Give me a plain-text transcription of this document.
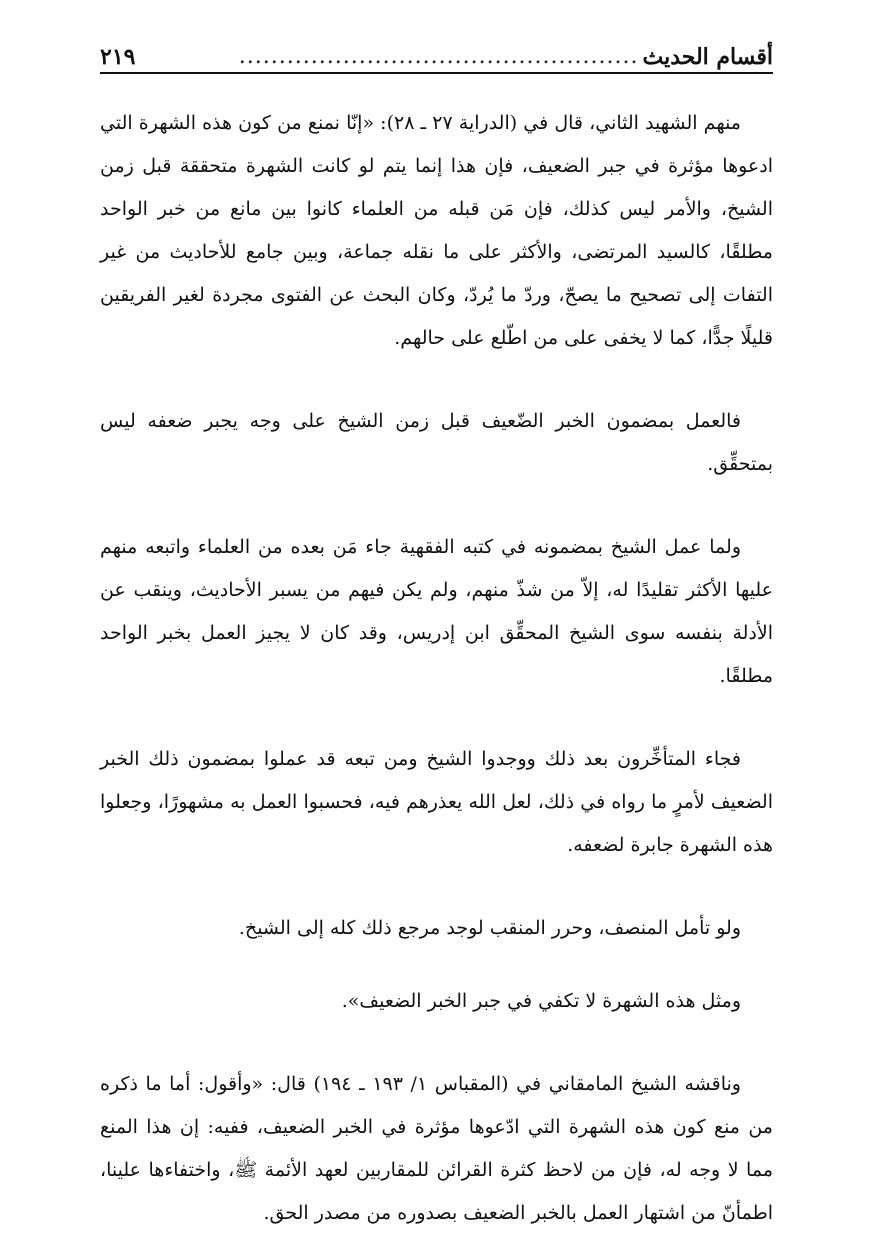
أقسام الحديث
..................................................
٢١٩

منهم الشهيد الثاني، قال في (الدراية ٢٧ ـ ٢٨): «إنّا نمنع من كون هذه الشهرة التي ادعوها مؤثرة في جبر الضعيف، فإن هذا إنما يتم لو كانت الشهرة متحققة قبل زمن الشيخ، والأمر ليس كذلك، فإن مَن قبله من العلماء كانوا بين مانع من خبر الواحد مطلقًا، كالسيد المرتضى، والأكثر على ما نقله جماعة، وبين جامع للأحاديث من غير التفات إلى تصحيح ما يصحّ، وردّ ما يُردّ، وكان البحث عن الفتوى مجردة لغير الفريقين قليلًا جدًّا، كما لا يخفى على من اطّلع على حالهم.

فالعمل بمضمون الخبر الضّعيف قبل زمن الشيخ على وجه يجبر ضعفه ليس بمتحقِّق.

ولما عمل الشيخ بمضمونه في كتبه الفقهية جاء مَن بعده من العلماء واتبعه منهم عليها الأكثر تقليدًا له، إلاّ من شذّ منهم، ولم يكن فيهم من يسبر الأحاديث، وينقب عن الأدلة بنفسه سوى الشيخ المحقِّق ابن إدريس، وقد كان لا يجيز العمل بخبر الواحد مطلقًا.

فجاء المتأخِّرون بعد ذلك ووجدوا الشيخ ومن تبعه قد عملوا بمضمون ذلك الخبر الضعيف لأمرٍ ما رواه في ذلك، لعل الله يعذرهم فيه، فحسبوا العمل به مشهورًا، وجعلوا هذه الشهرة جابرة لضعفه.

ولو تأمل المنصف، وحرر المنقب لوجد مرجع ذلك كله إلى الشيخ.

ومثل هذه الشهرة لا تكفي في جبر الخبر الضعيف».

وناقشه الشيخ المامقاني في (المقباس ١/ ١٩٣ ـ ١٩٤) قال: «وأقول: أما ما ذكره من منع كون هذه الشهرة التي ادّعوها مؤثرة في الخبر الضعيف، ففيه: إن هذا المنع مما لا وجه له، فإن من لاحظ كثرة القرائن للمقاربين لعهد الأئمة ﷺ، واختفاءها علينا، اطمأنّ من اشتهار العمل بالخبر الضعيف بصدوره من مصدر الحق.
